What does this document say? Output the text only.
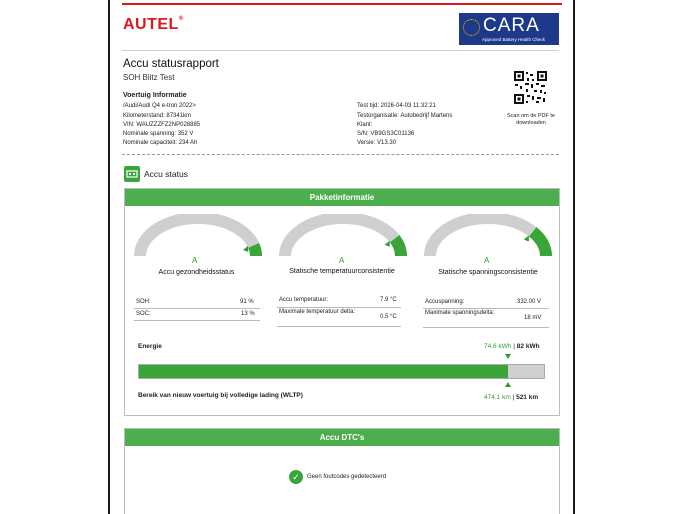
AUTEL®	CARA
Approved Battery Health Check
Accu statusrapport
SOH Blitz Test
Voertuig Informatie
/Audi/Audi Q4 e-tron 2022>
Kilometerstand: 87341km
VIN: WAUZZZFZ2NP028885
Nominale spanning: 352 V
Nominale capaciteit: 234 Ah
Test tijd: 2026-04-03 11:32:21
Testorganisatie: Autobedrijf Martens
Klant:
S/N: VB9GS3C01136
Versie: V13.30
Scan om de PDF te downloaden
Accu status
Pakketinformatie
A
Accu gezondheidsstatus
A
Statische temperatuurconsistentie
A
Statische spanningsconsistentie
SOH:	91 %
SOC:	13 %
Accu temperatuur:	7.9 °C
Maximale temperatuur delta:
0.5 °C
Accuspanning:	332.00 V
Maximale spanningsdelta:
18 mV
Energie	74.6 kWh | 82 kWh
Bereik van nieuw voertuig bij volledige lading (WLTP)	474.1 km | 521 km
Accu DTC's
✓	Geen foutcodes gedetecteerd
